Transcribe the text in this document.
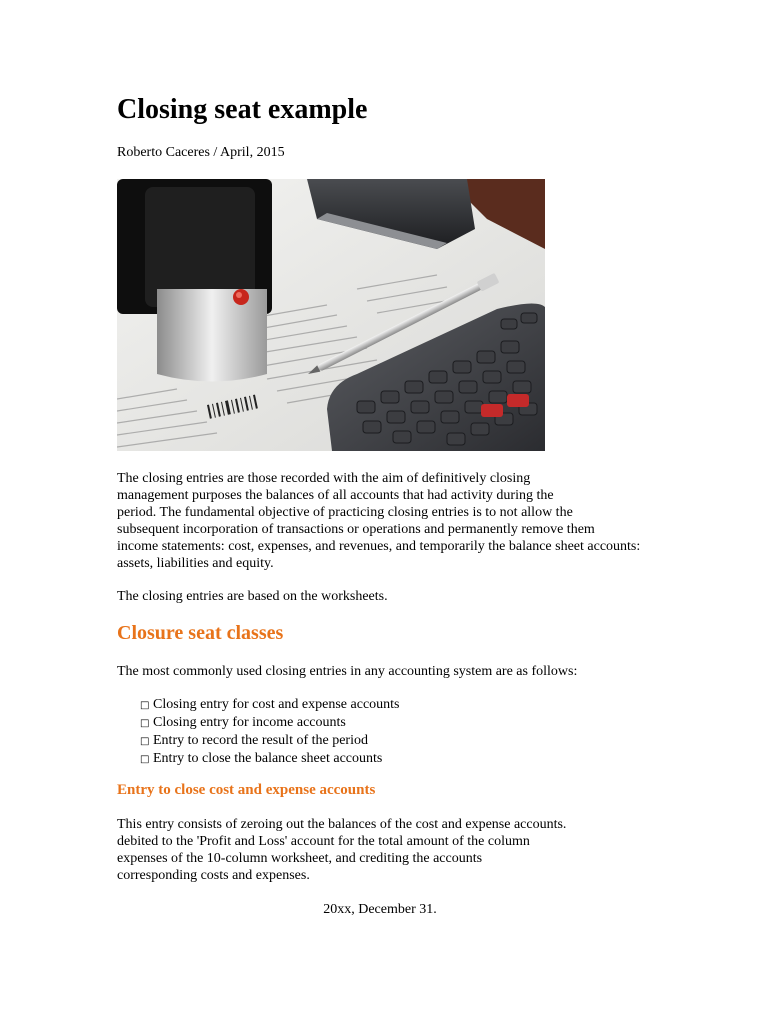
Closing seat example
Roberto Caceres / April, 2015
The closing entries are those recorded with the aim of definitively closing
management purposes the balances of all accounts that had activity during the
period. The fundamental objective of practicing closing entries is to not allow the
subsequent incorporation of transactions or operations and permanently remove them
income statements: cost, expenses, and revenues, and temporarily the balance sheet accounts:
assets, liabilities and equity.
The closing entries are based on the worksheets.
Closure seat classes
The most commonly used closing entries in any accounting system are as follows:
□ Closing entry for cost and expense accounts
□ Closing entry for income accounts
□ Entry to record the result of the period
□ Entry to close the balance sheet accounts
Entry to close cost and expense accounts
This entry consists of zeroing out the balances of the cost and expense accounts.
debited to the 'Profit and Loss' account for the total amount of the column
expenses of the 10-column worksheet, and crediting the accounts
corresponding costs and expenses.
20xx, December 31.
